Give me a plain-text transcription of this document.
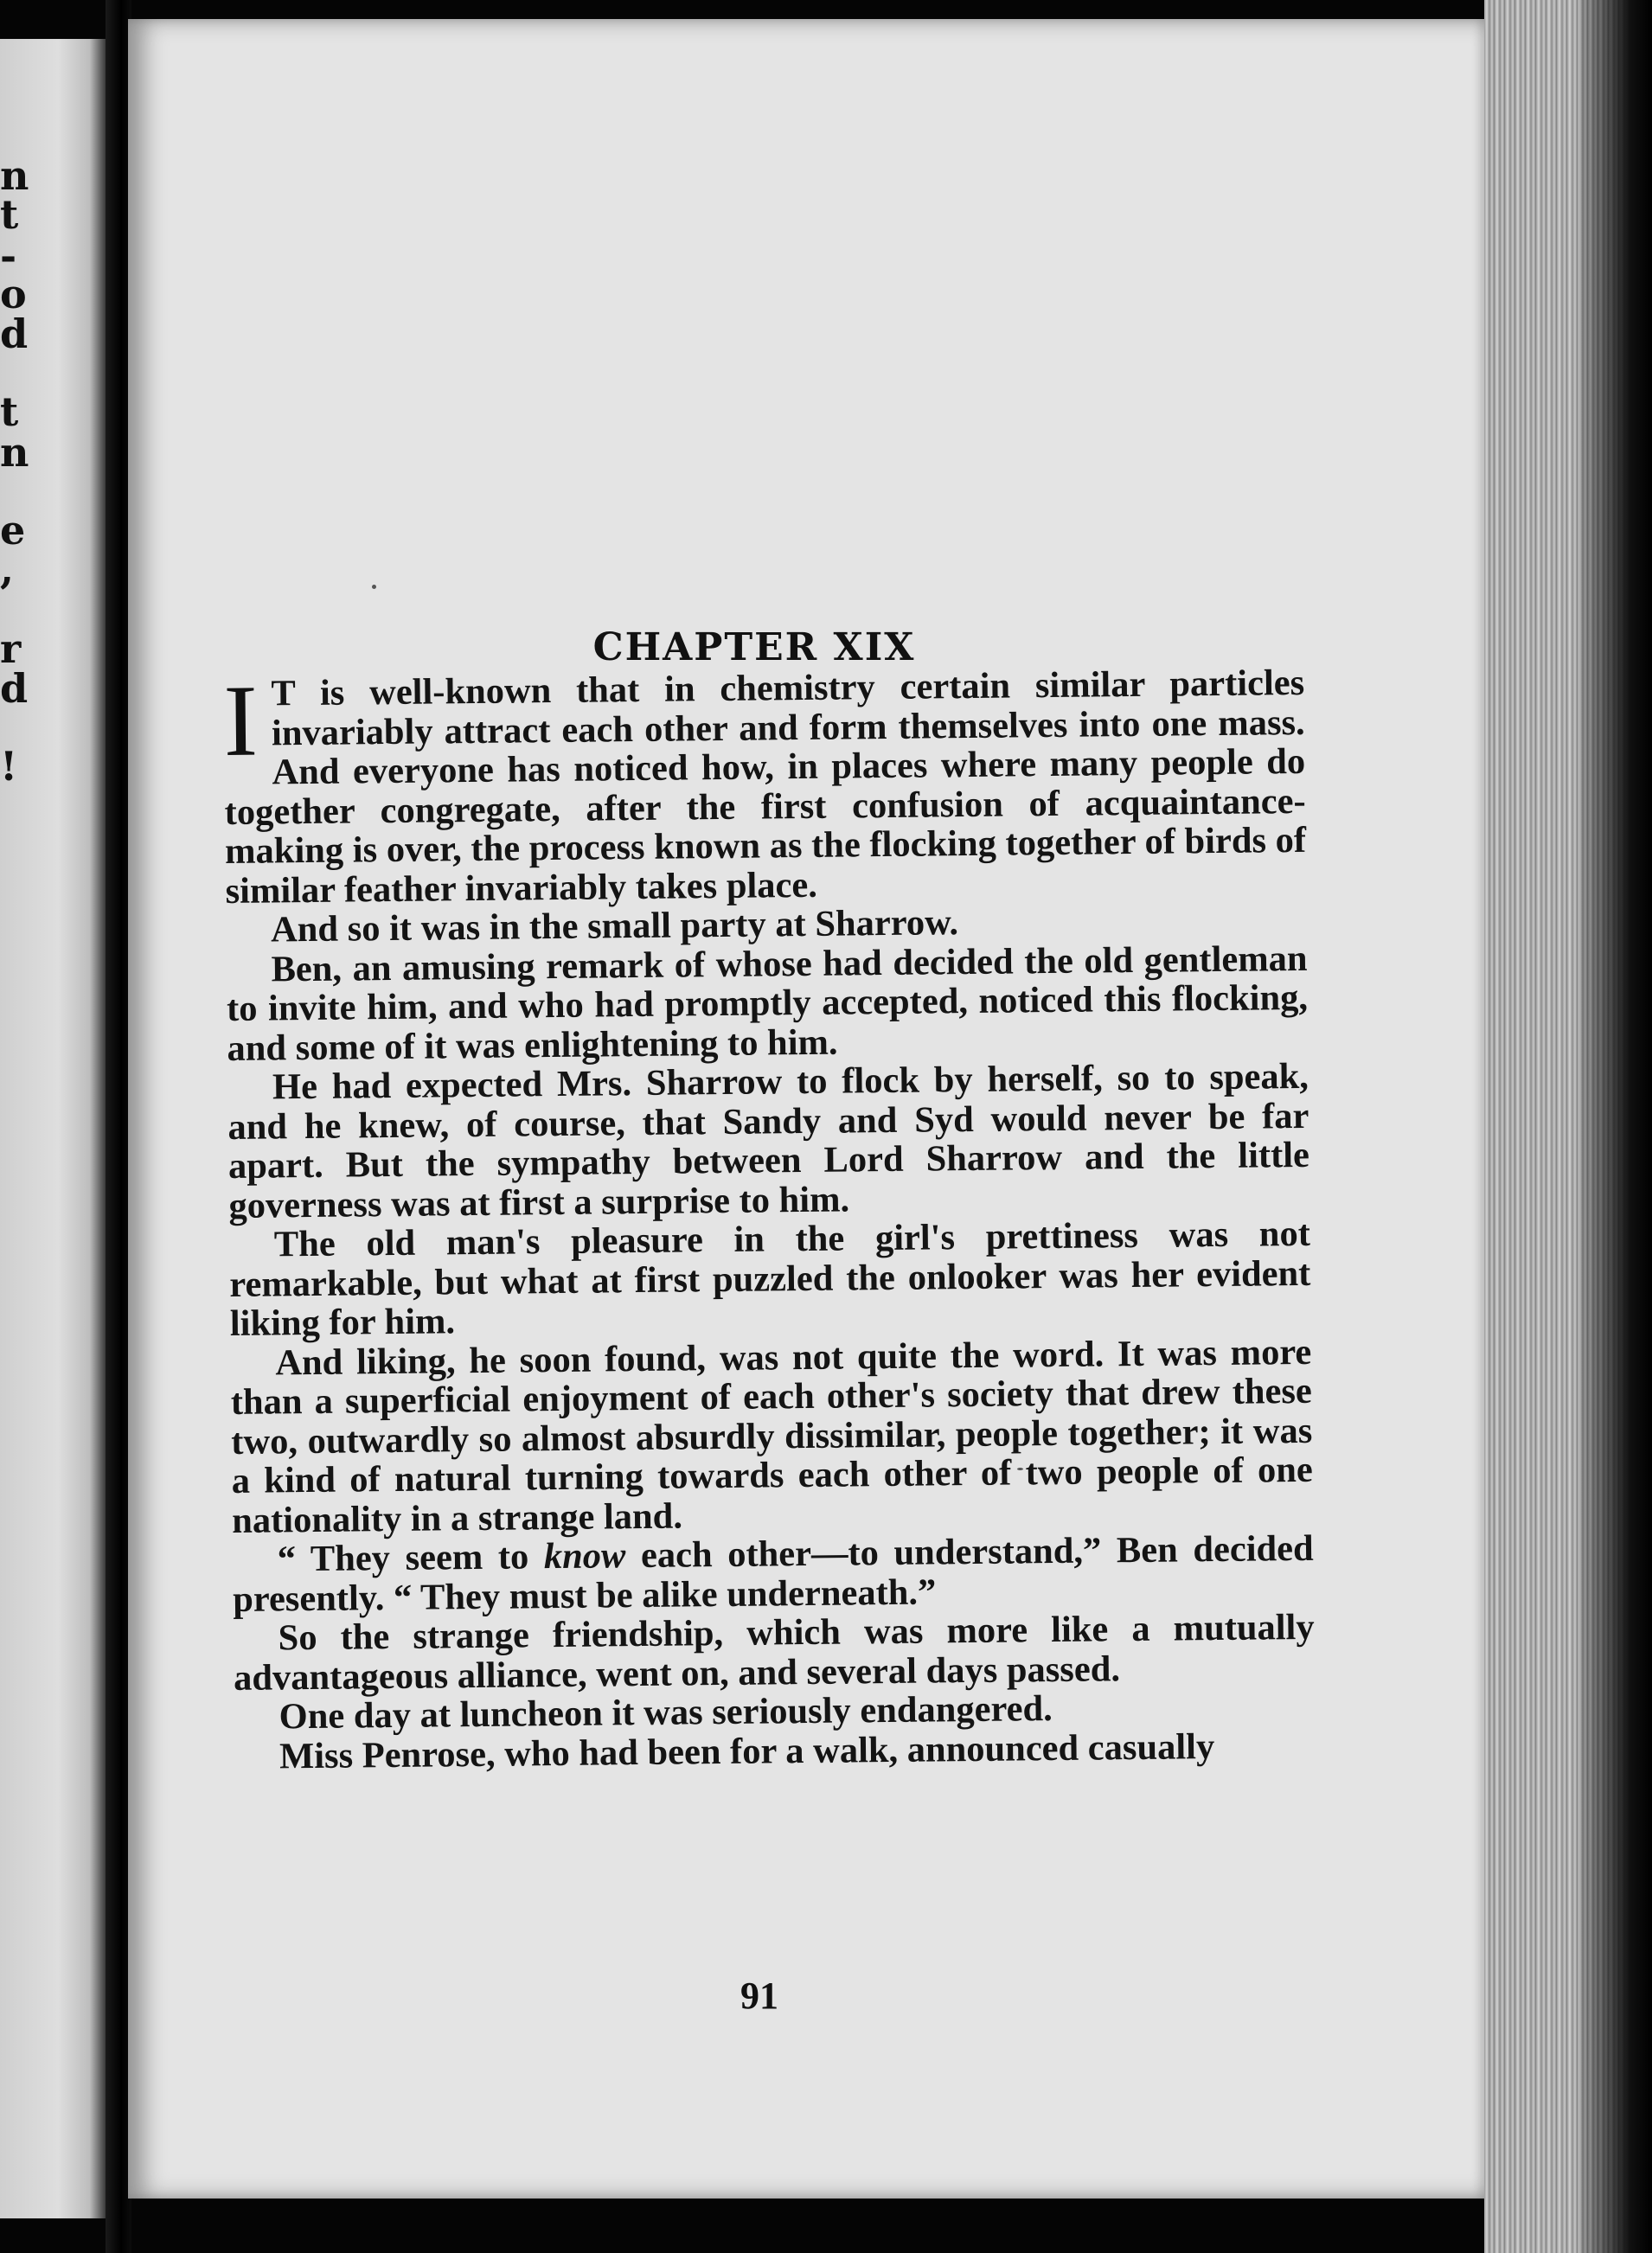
n
t
-
o
d
t
n
e
,
r
d
!
CHAPTER XIX

I T is well-known that in chemistry certain similar particles invariably attract each other and form themselves into one mass. And everyone has noticed how, in places where many people do together congregate, after the first confusion of acquaintance-making is over, the process known as the flocking together of birds of similar feather invariably takes place.

And so it was in the small party at Sharrow.

Ben, an amusing remark of whose had decided the old gentleman to invite him, and who had promptly accepted, noticed this flocking, and some of it was enlightening to him.

He had expected Mrs. Sharrow to flock by herself, so to speak, and he knew, of course, that Sandy and Syd would never be far apart. But the sympathy between Lord Sharrow and the little governess was at first a surprise to him.

The old man's pleasure in the girl's prettiness was not remarkable, but what at first puzzled the onlooker was her evident liking for him.

And liking, he soon found, was not quite the word. It was more than a superficial enjoyment of each other's society that drew these two, outwardly so almost absurdly dissimilar, people together; it was a kind of natural turning towards each other of two people of one nationality in a strange land.

“ They seem to know each other—to understand,” Ben decided presently. “ They must be alike underneath.”

So the strange friendship, which was more like a mutually advantageous alliance, went on, and several days passed.

One day at luncheon it was seriously endangered.

Miss Penrose, who had been for a walk, announced casually

91
